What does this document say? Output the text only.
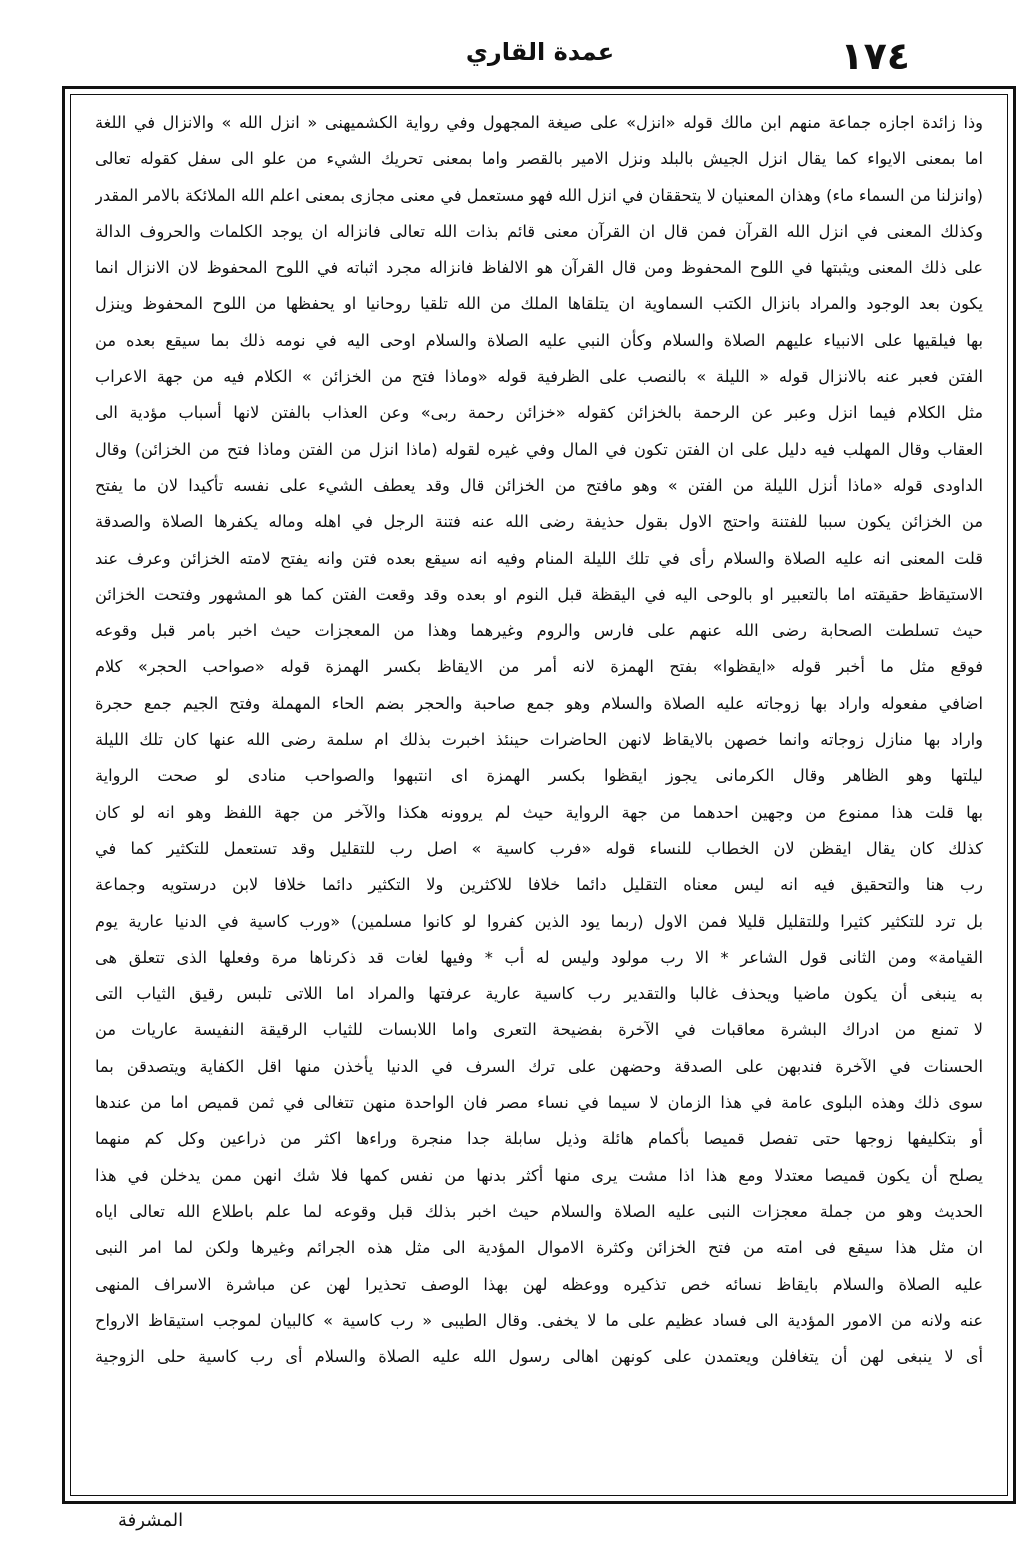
١٧٤
عمدة القاري
وذا زائدة اجازه جماعة منهم ابن مالك قوله «انزل» على صيغة المجهول وفي رواية الكشميهنى « انزل الله » والانزال في اللغة
اما بمعنى الايواء كما يقال انزل الجيش بالبلد ونزل الامير بالقصر واما بمعنى تحريك الشيء من علو الى سفل كقوله تعالى
(وانزلنا من السماء ماء) وهذان المعنيان لا يتحققان في انزل الله فهو مستعمل في معنى مجازى بمعنى اعلم الله الملائكة بالامر المقدر
وكذلك المعنى في انزل الله القرآن فمن قال ان القرآن معنى قائم بذات الله تعالى فانزاله ان يوجد الكلمات والحروف الدالة
على ذلك المعنى ويثبتها في اللوح المحفوظ ومن قال القرآن هو الالفاظ فانزاله مجرد اثباته في اللوح المحفوظ لان الانزال انما
يكون بعد الوجود والمراد بانزال الكتب السماوية ان يتلقاها الملك من الله تلقيا روحانيا او يحفظها من اللوح المحفوظ وينزل
بها فيلقيها على الانبياء عليهم الصلاة والسلام وكأن النبي عليه الصلاة والسلام اوحى اليه في نومه ذلك بما سيقع بعده من
الفتن فعبر عنه بالانزال قوله « الليلة » بالنصب على الظرفية قوله «وماذا فتح من الخزائن » الكلام فيه من جهة الاعراب
مثل الكلام فيما انزل وعبر عن الرحمة بالخزائن كقوله «خزائن رحمة ربى» وعن العذاب بالفتن لانها أسباب مؤدية الى
العقاب وقال المهلب فيه دليل على ان الفتن تكون في المال وفي غيره لقوله (ماذا انزل من الفتن وماذا فتح من الخزائن) وقال
الداودى قوله «ماذا أنزل الليلة من الفتن » وهو مافتح من الخزائن قال وقد يعطف الشيء على نفسه تأكيدا لان ما يفتح
من الخزائن يكون سببا للفتنة واحتج الاول بقول حذيفة رضى الله عنه فتنة الرجل في اهله وماله يكفرها الصلاة والصدقة
قلت المعنى انه عليه الصلاة والسلام رأى في تلك الليلة المنام وفيه انه سيقع بعده فتن وانه يفتح لامته الخزائن وعرف عند
الاستيقاظ حقيقته اما بالتعبير او بالوحى اليه في اليقظة قبل النوم او بعده وقد وقعت الفتن كما هو المشهور وفتحت الخزائن
حيث تسلطت الصحابة رضى الله عنهم على فارس والروم وغيرهما وهذا من المعجزات حيث اخبر بامر قبل وقوعه
فوقع مثل ما أخبر قوله «ايقظوا» بفتح الهمزة لانه أمر من الايقاظ بكسر الهمزة قوله «صواحب الحجر» كلام
اضافي مفعوله واراد بها زوجاته عليه الصلاة والسلام وهو جمع صاحبة والحجر بضم الحاء المهملة وفتح الجيم جمع حجرة
واراد بها منازل زوجاته وانما خصهن بالايقاظ لانهن الحاضرات حينئذ اخبرت بذلك ام سلمة رضى الله عنها كان تلك الليلة
ليلتها وهو الظاهر وقال الكرمانى يجوز ايقظوا بكسر الهمزة اى انتبهوا والصواحب منادى لو صحت الرواية
بها قلت هذا ممنوع من وجهين احدهما من جهة الرواية حيث لم يروونه هكذا والآخر من جهة اللفظ وهو انه لو كان
كذلك كان يقال ايقظن لان الخطاب للنساء قوله «فرب كاسية » اصل رب للتقليل وقد تستعمل للتكثير كما في
رب هنا والتحقيق فيه انه ليس معناه التقليل دائما خلافا للاكثرين ولا التكثير دائما خلافا لابن درستويه وجماعة
بل ترد للتكثير كثيرا وللتقليل قليلا فمن الاول (ربما يود الذين كفروا لو كانوا مسلمين) «ورب كاسية في الدنيا عارية يوم
القيامة» ومن الثانى قول الشاعر * الا رب مولود وليس له أب * وفيها لغات قد ذكرناها مرة وفعلها الذى تتعلق هى
به ينبغى أن يكون ماضيا ويحذف غالبا والتقدير رب كاسية عارية عرفتها والمراد اما اللاتى تلبس رقيق الثياب التى
لا تمنع من ادراك البشرة معاقبات في الآخرة بفضيحة التعرى واما اللابسات للثياب الرقيقة النفيسة عاريات من
الحسنات في الآخرة فندبهن على الصدقة وحضهن على ترك السرف في الدنيا يأخذن منها اقل الكفاية ويتصدقن بما
سوى ذلك وهذه البلوى عامة في هذا الزمان لا سيما في نساء مصر فان الواحدة منهن تتغالى في ثمن قميص اما من عندها
أو بتكليفها زوجها حتى تفصل قميصا بأكمام هائلة وذيل سابلة جدا منجرة وراءها اكثر من ذراعين وكل كم منهما
يصلح أن يكون قميصا معتدلا ومع هذا اذا مشت يرى منها أكثر بدنها من نفس كمها فلا شك انهن ممن يدخلن في هذا
الحديث وهو من جملة معجزات النبى عليه الصلاة والسلام حيث اخبر بذلك قبل وقوعه لما علم باطلاع الله تعالى اياه
ان مثل هذا سيقع فى امته من فتح الخزائن وكثرة الاموال المؤدية الى مثل هذه الجرائم وغيرها ولكن لما امر النبى
عليه الصلاة والسلام بايقاظ نسائه خص تذكيره ووعظه لهن بهذا الوصف تحذيرا لهن عن مباشرة الاسراف المنهى
عنه ولانه من الامور المؤدية الى فساد عظيم على ما لا يخفى. وقال الطيبى « رب كاسية » كالبيان لموجب استيقاظ الارواح
أى لا ينبغى لهن أن يتغافلن ويعتمدن على كونهن اهالى رسول الله عليه الصلاة والسلام أى رب كاسية حلى الزوجية
المشرفة
